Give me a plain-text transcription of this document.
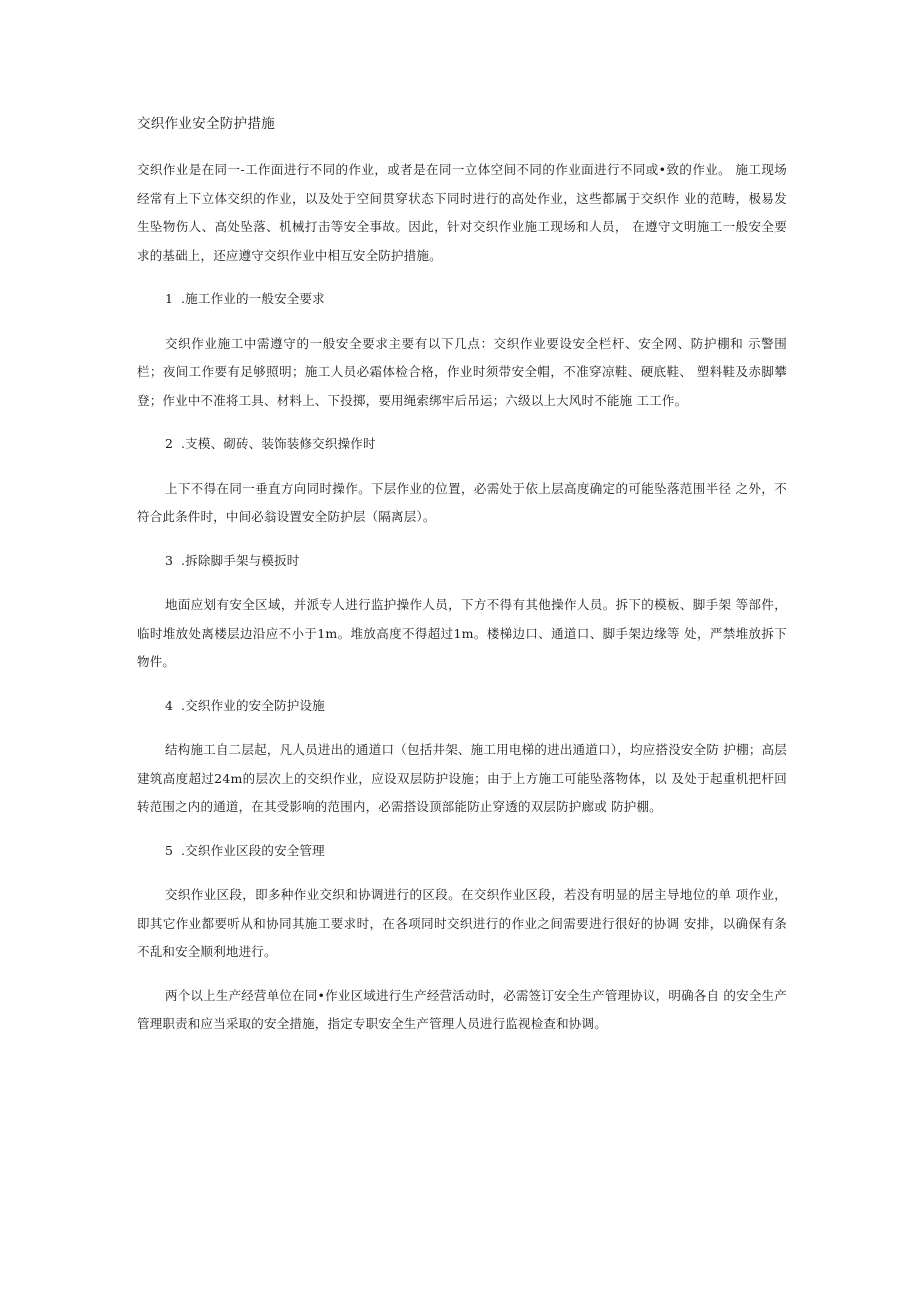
交织作业安全防护措施

交织作业是在同一-工作面进行不同的作业，或者是在同一立体空间不同的作业面进行不同或•致的作业。 施工现场经常有上下立体交织的作业，以及处于空间贯穿状态下同时进行的高处作业，这些都属于交织作 业的范畴，极易发生坠物伤人、高处坠落、机械打击等安全事故。因此，针对交织作业施工现场和人员， 在遵守文明施工一般安全要求的基础上，还应遵守交织作业中相互安全防护措施。

1 .施工作业的一般安全要求

交织作业施工中需遵守的一般安全要求主要有以下几点：交织作业要设安全栏杆、安全网、防护棚和 示警围栏；夜间工作要有足够照明；施工人员必霜体检合格，作业时须带安全帽，不准穿凉鞋、硬底鞋、 塑料鞋及赤脚攀登；作业中不准将工具、材料上、下投掷，要用绳索绑牢后吊运；六级以上大风时不能施 工工作。

2 .支模、砌砖、装饰装修交织操作时

上下不得在同一垂直方向同时操作。下层作业的位置，必需处于依上层高度确定的可能坠落范围半径 之外，不符合此条件时，中间必翁设置安全防护层（隔离层）。

3 .拆除脚手架与模扳时

地面应划有安全区域，并派专人进行监护操作人员，下方不得有其他操作人员。拆下的模板、脚手架 等部件，临时堆放处离楼层边沿应不小于1m。堆放高度不得超过1m。楼梯边口、通道口、脚手架边缘等 处，严禁堆放拆下物件。

4 .交织作业的安全防护设施

结构施工自二层起，凡人员进出的通道口（包括井架、施工用电梯的进出通道口），均应搭没安全防 护棚；高层建筑高度超过24m的层次上的交织作业，应设双层防护设施；由于上方施工可能坠落物体，以 及处于起重机把杆回转范围之内的通道，在其受影响的范围内，必需搭设顶部能防止穿透的双层防护廊或 防护棚。

5 .交织作业区段的安全管理

交织作业区段，即多种作业交织和协调进行的区段。在交织作业区段，若没有明显的居主导地位的单 项作业，即其它作业都要听从和协同其施工要求时，在各项同时交织进行的作业之间需要进行很好的协调 安排，以确保有条不乱和安全顺利地进行。

两个以上生产经营单位在同•作业区域进行生产经营活动时，必需签订安全生产管理协议，明确各自 的安全生产管理职责和应当采取的安全措施，指定专职安全生产管理人员进行监视检查和协调。
